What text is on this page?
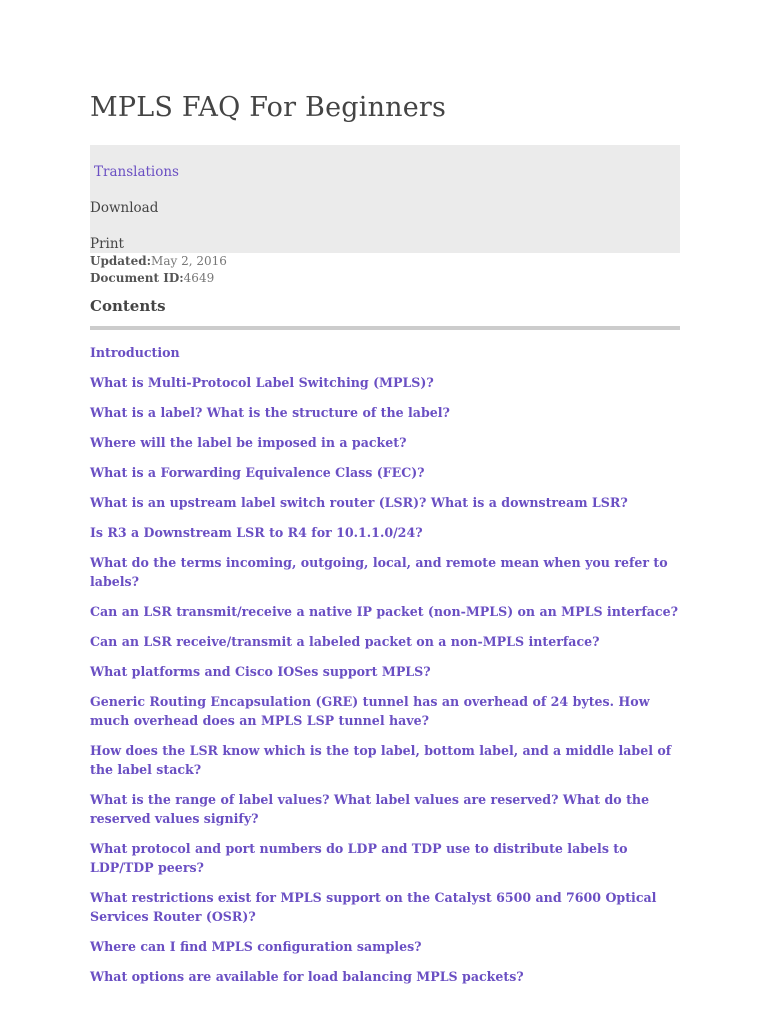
MPLS FAQ For Beginners
Translations
Download
Print
Updated:May 2, 2016
Document ID:4649
Contents
Introduction
What is Multi-Protocol Label Switching (MPLS)?
What is a label? What is the structure of the label?
Where will the label be imposed in a packet?
What is a Forwarding Equivalence Class (FEC)?
What is an upstream label switch router (LSR)? What is a downstream LSR?
Is R3 a Downstream LSR to R4 for 10.1.1.0/24?
What do the terms incoming, outgoing, local, and remote mean when you refer to labels?
Can an LSR transmit/receive a native IP packet (non-MPLS) on an MPLS interface?
Can an LSR receive/transmit a labeled packet on a non-MPLS interface?
What platforms and Cisco IOSes support MPLS?
Generic Routing Encapsulation (GRE) tunnel has an overhead of 24 bytes. How much overhead does an MPLS LSP tunnel have?
How does the LSR know which is the top label, bottom label, and a middle label of the label stack?
What is the range of label values? What label values are reserved? What do the reserved values signify?
What protocol and port numbers do LDP and TDP use to distribute labels to LDP/TDP peers?
What restrictions exist for MPLS support on the Catalyst 6500 and 7600 Optical Services Router (OSR)?
Where can I find MPLS configuration samples?
What options are available for load balancing MPLS packets?
